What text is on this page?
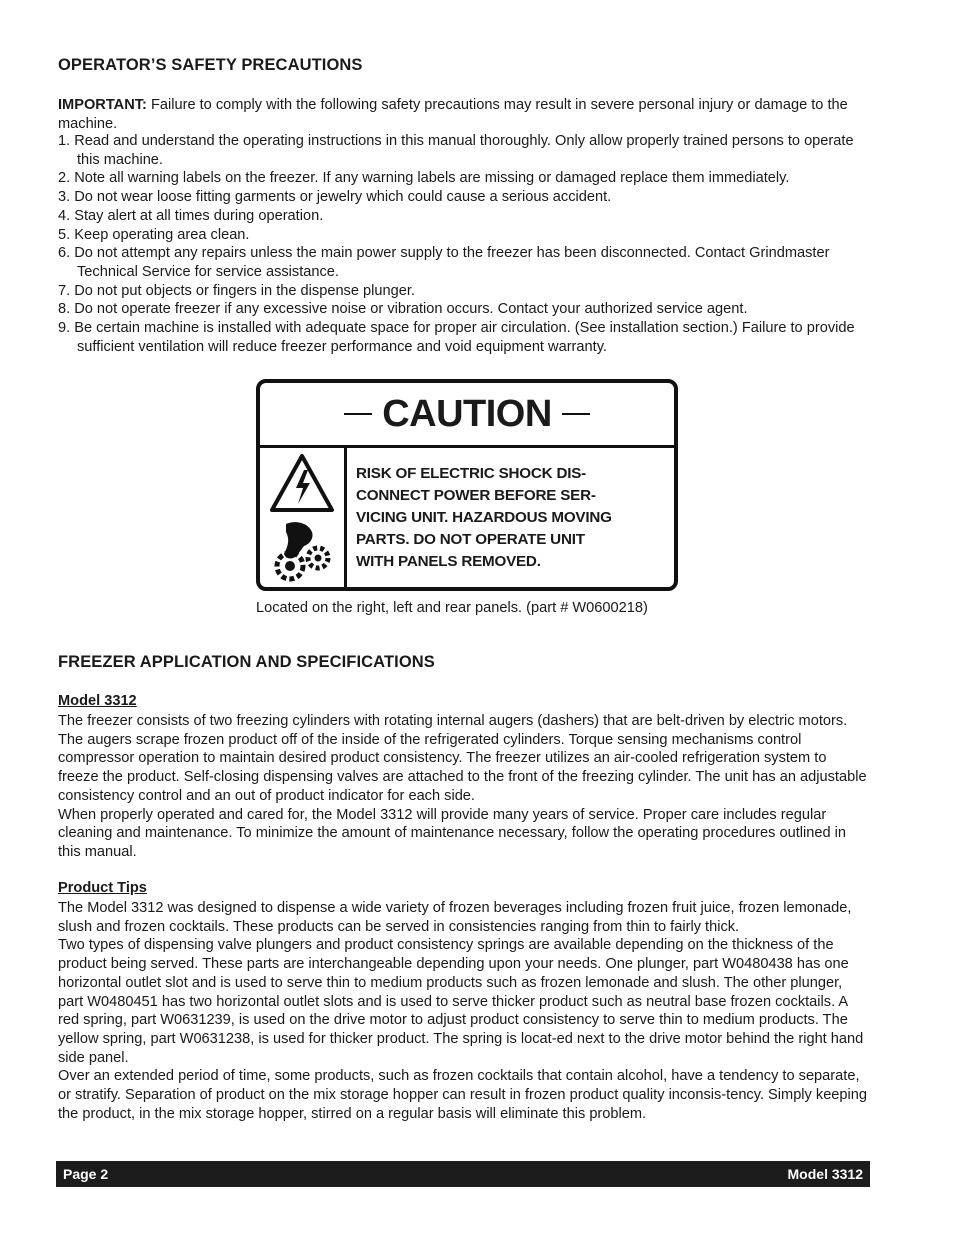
OPERATOR’S SAFETY PRECAUTIONS
IMPORTANT: Failure to comply with the following safety precautions may result in severe personal injury or damage to the machine.
1. Read and understand the operating instructions in this manual thoroughly. Only allow properly trained persons to operate this machine.
2. Note all warning labels on the freezer. If any warning labels are missing or damaged replace them immediately.
3. Do not wear loose fitting garments or jewelry which could cause a serious accident.
4. Stay alert at all times during operation.
5. Keep operating area clean.
6. Do not attempt any repairs unless the main power supply to the freezer has been disconnected. Contact Grindmaster Technical Service for service assistance.
7. Do not put objects or fingers in the dispense plunger.
8. Do not operate freezer if any excessive noise or vibration occurs. Contact your authorized service agent.
9. Be certain machine is installed with adequate space for proper air circulation. (See installation section.) Failure to provide sufficient ventilation will reduce freezer performance and void equipment warranty.
CAUTION
RISK OF ELECTRIC SHOCK DIS-
CONNECT POWER BEFORE SER-
VICING UNIT. HAZARDOUS MOVING
PARTS. DO NOT OPERATE UNIT
WITH PANELS REMOVED.
Located on the right, left and rear panels. (part # W0600218)
FREEZER APPLICATION AND SPECIFICATIONS
Model 3312
The freezer consists of two freezing cylinders with rotating internal augers (dashers) that are belt-driven by electric motors. The augers scrape frozen product off of the inside of the refrigerated cylinders. Torque sensing mechanisms control compressor operation to maintain desired product consistency. The freezer utilizes an air-cooled refrigeration system to freeze the product. Self-closing dispensing valves are attached to the front of the freezing cylinder. The unit has an adjustable consistency control and an out of product indicator for each side.
When properly operated and cared for, the Model 3312 will provide many years of service. Proper care includes regular cleaning and maintenance. To minimize the amount of maintenance necessary, follow the operating procedures outlined in this manual.
Product Tips
The Model 3312 was designed to dispense a wide variety of frozen beverages including frozen fruit juice, frozen lemonade, slush and frozen cocktails. These products can be served in consistencies ranging from thin to fairly thick.
Two types of dispensing valve plungers and product consistency springs are available depending on the thickness of the product being served. These parts are interchangeable depending upon your needs. One plunger, part W0480438 has one horizontal outlet slot and is used to serve thin to medium products such as frozen lemonade and slush. The other plunger, part W0480451 has two horizontal outlet slots and is used to serve thicker product such as neutral base frozen cocktails. A red spring, part W0631239, is used on the drive motor to adjust product consistency to serve thin to medium products. The yellow spring, part W0631238, is used for thicker product. The spring is locat-ed next to the drive motor behind the right hand side panel.
Over an extended period of time, some products, such as frozen cocktails that contain alcohol, have a tendency to separate, or stratify. Separation of product on the mix storage hopper can result in frozen product quality inconsis-tency. Simply keeping the product, in the mix storage hopper, stirred on a regular basis will eliminate this problem.
Page 2	Model 3312
